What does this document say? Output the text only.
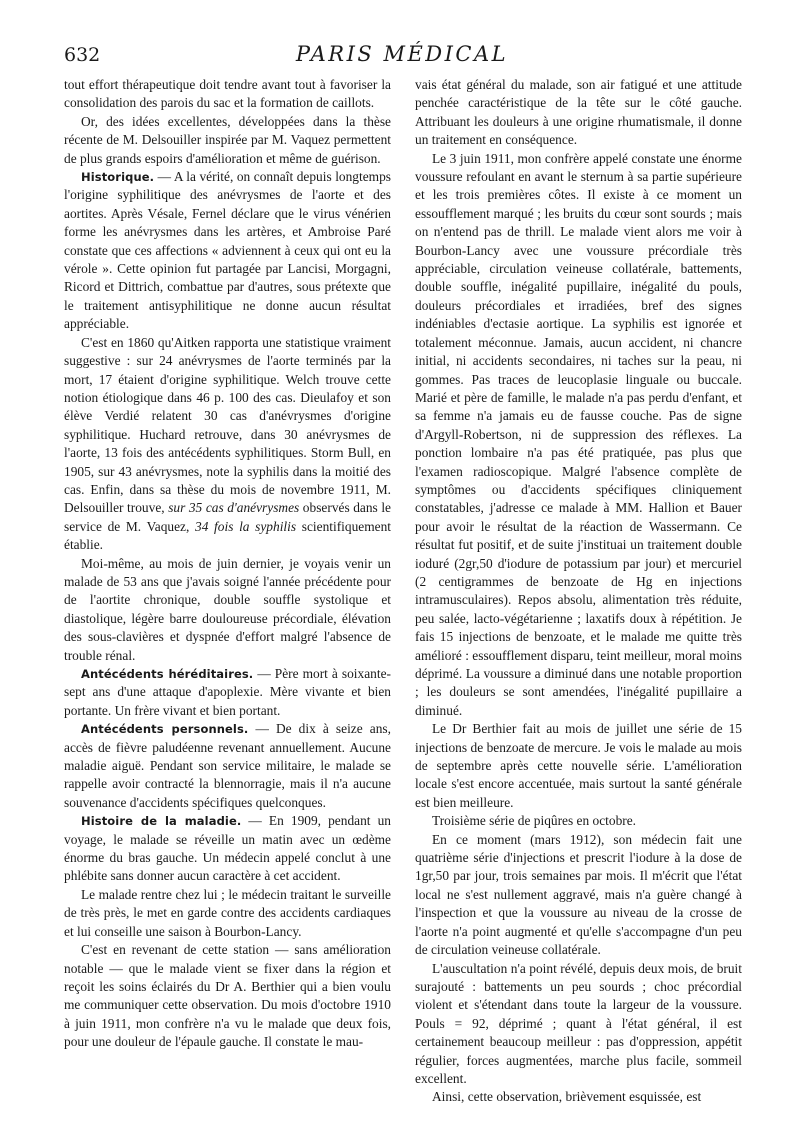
632	PARIS MÉDICAL

tout effort thérapeutique doit tendre avant tout à favoriser la consolidation des parois du sac et la formation de caillots.

Or, des idées excellentes, développées dans la thèse récente de M. Delsouiller inspirée par M. Vaquez permettent de plus grands espoirs d'amélioration et même de guérison.

Historique. — A la vérité, on connaît depuis longtemps l'origine syphilitique des anévrysmes de l'aorte et des aortites. Après Vésale, Fernel déclare que le virus vénérien forme les anévrysmes dans les artères, et Ambroise Paré constate que ces affections « adviennent à ceux qui ont eu la vérole ». Cette opinion fut partagée par Lancisi, Morgagni, Ricord et Dittrich, combattue par d'autres, sous prétexte que le traitement antisyphilitique ne donne aucun résultat appréciable.

C'est en 1860 qu'Aitken rapporta une statistique vraiment suggestive : sur 24 anévrysmes de l'aorte terminés par la mort, 17 étaient d'origine syphilitique. Welch trouve cette notion étiologique dans 46 p. 100 des cas. Dieulafoy et son élève Verdié relatent 30 cas d'anévrysmes d'origine syphilitique. Huchard retrouve, dans 30 anévrysmes de l'aorte, 13 fois des antécédents syphilitiques. Storm Bull, en 1905, sur 43 anévrysmes, note la syphilis dans la moitié des cas. Enfin, dans sa thèse du mois de novembre 1911, M. Delsouiller trouve, sur 35 cas d'anévrysmes observés dans le service de M. Vaquez, 34 fois la syphilis scientifiquement établie.

Moi-même, au mois de juin dernier, je voyais venir un malade de 53 ans que j'avais soigné l'année précédente pour de l'aortite chronique, double souffle systolique et diastolique, légère barre douloureuse précordiale, élévation des sous-clavières et dyspnée d'effort malgré l'absence de trouble rénal.

Antécédents héréditaires. — Père mort à soixante-sept ans d'une attaque d'apoplexie. Mère vivante et bien portante. Un frère vivant et bien portant.

Antécédents personnels. — De dix à seize ans, accès de fièvre paludéenne revenant annuellement. Aucune maladie aiguë. Pendant son service militaire, le malade se rappelle avoir contracté la blennorragie, mais il n'a aucune souvenance d'accidents spécifiques quelconques.

Histoire de la maladie. — En 1909, pendant un voyage, le malade se réveille un matin avec un œdème énorme du bras gauche. Un médecin appelé conclut à une phlébite sans donner aucun caractère à cet accident.

Le malade rentre chez lui ; le médecin traitant le surveille de très près, le met en garde contre des accidents cardiaques et lui conseille une saison à Bourbon-Lancy.

C'est en revenant de cette station — sans amélioration notable — que le malade vient se fixer dans la région et reçoit les soins éclairés du Dr A. Berthier qui a bien voulu me communiquer cette observation. Du mois d'octobre 1910 à juin 1911, mon confrère n'a vu le malade que deux fois, pour une douleur de l'épaule gauche. Il constate le mau-

vais état général du malade, son air fatigué et une attitude penchée caractéristique de la tête sur le côté gauche. Attribuant les douleurs à une origine rhumatismale, il donne un traitement en conséquence.

Le 3 juin 1911, mon confrère appelé constate une énorme voussure refoulant en avant le sternum à sa partie supérieure et les trois premières côtes. Il existe à ce moment un essoufflement marqué ; les bruits du cœur sont sourds ; mais on n'entend pas de thrill. Le malade vient alors me voir à Bourbon-Lancy avec une voussure précordiale très appréciable, circulation veineuse collatérale, battements, double souffle, inégalité pupillaire, inégalité du pouls, douleurs précordiales et irradiées, bref des signes indéniables d'ectasie aortique. La syphilis est ignorée et totalement méconnue. Jamais, aucun accident, ni chancre initial, ni accidents secondaires, ni taches sur la peau, ni gommes. Pas traces de leucoplasie linguale ou buccale. Marié et père de famille, le malade n'a pas perdu d'enfant, et sa femme n'a jamais eu de fausse couche. Pas de signe d'Argyll-Robertson, ni de suppression des réflexes. La ponction lombaire n'a pas été pratiquée, pas plus que l'examen radioscopique. Malgré l'absence complète de symptômes ou d'accidents spécifiques cliniquement constatables, j'adresse ce malade à MM. Hallion et Bauer pour avoir le résultat de la réaction de Wassermann. Ce résultat fut positif, et de suite j'instituai un traitement double ioduré (2gr,50 d'iodure de potassium par jour) et mercuriel (2 centigrammes de benzoate de Hg en injections intramusculaires). Repos absolu, alimentation très réduite, peu salée, lacto-végétarienne ; laxatifs doux à répétition. Je fais 15 injections de benzoate, et le malade me quitte très amélioré : essoufflement disparu, teint meilleur, moral moins déprimé. La voussure a diminué dans une notable proportion ; les douleurs se sont amendées, l'inégalité pupillaire a diminué.

Le Dr Berthier fait au mois de juillet une série de 15 injections de benzoate de mercure. Je vois le malade au mois de septembre après cette nouvelle série. L'amélioration locale s'est encore accentuée, mais surtout la santé générale est bien meilleure.

Troisième série de piqûres en octobre.

En ce moment (mars 1912), son médecin fait une quatrième série d'injections et prescrit l'iodure à la dose de 1gr,50 par jour, trois semaines par mois. Il m'écrit que l'état local ne s'est nullement aggravé, mais n'a guère changé à l'inspection et que la voussure au niveau de la crosse de l'aorte n'a point augmenté et qu'elle s'accompagne d'un peu de circulation veineuse collatérale.

L'auscultation n'a point révélé, depuis deux mois, de bruit surajouté : battements un peu sourds ; choc précordial violent et s'étendant dans toute la largeur de la voussure. Pouls = 92, déprimé ; quant à l'état général, il est certainement beaucoup meilleur : pas d'oppression, appétit régulier, forces augmentées, marche plus facile, sommeil excellent.

Ainsi, cette observation, brièvement esquissée, est
